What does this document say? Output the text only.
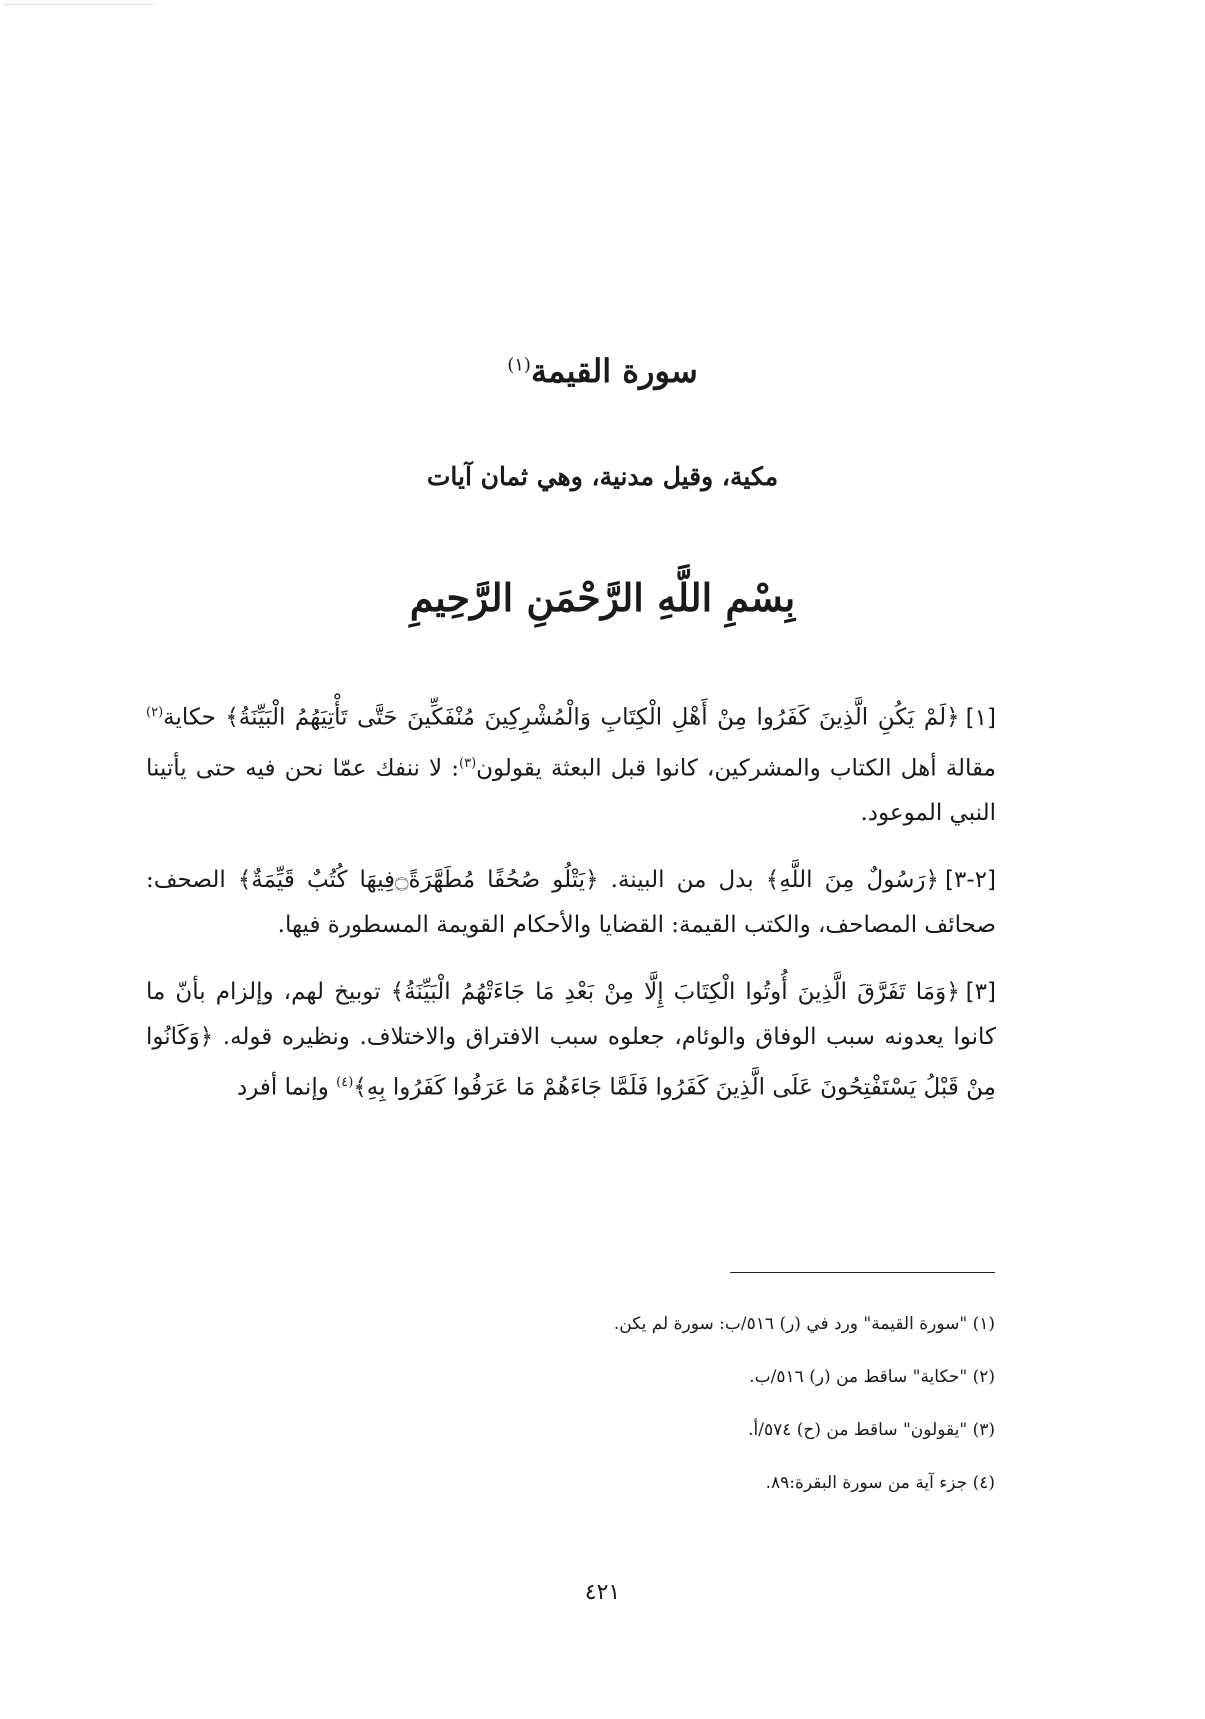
سورة القيمة$^{(١)}$
مكية، وقيل مدنية، وهي ثمان آيات
بِسْمِ اللَّهِ الرَّحْمَنِ الرَّحِيمِ

[١]﴿لَمْ يَكُنِ الَّذِينَ كَفَرُوا مِنْ أَهْلِ الْكِتَابِ وَالْمُشْرِكِينَ مُنْفَكِّينَ حَتَّى تَأْتِيَهُمُ الْبَيِّنَةُ﴾ حكاية$^{(٢)}$ مقالة أهل الكتاب والمشركين، كانوا قبل البعثة يقولون$^{(٣)}$: لا ننفك عمّا نحن فيه حتى يأتينا النبي الموعود.

[٢-٣]﴿رَسُولٌ مِنَ اللَّهِ﴾ بدل من البينة. ﴿يَتْلُو صُحُفًا مُطَهَّرَةً۝فِيهَا كُتُبٌ قَيِّمَةٌ﴾ الصحف: صحائف المصاحف، والكتب القيمة: القضايا والأحكام القويمة المسطورة فيها.

[٣]﴿وَمَا تَفَرَّقَ الَّذِينَ أُوتُوا الْكِتَابَ إِلَّا مِنْ بَعْدِ مَا جَاءَتْهُمُ الْبَيِّنَةُ﴾ توبيخ لهم، وإلزام بأنّ ما كانوا يعدونه سبب الوفاق والوئام، جعلوه سبب الافتراق والاختلاف. ونظيره قوله. ﴿وَكَانُوا مِنْ قَبْلُ يَسْتَفْتِحُونَ عَلَى الَّذِينَ كَفَرُوا فَلَمَّا جَاءَهُمْ مَا عَرَفُوا كَفَرُوا بِهِ﴾$^{(٤)}$ وإنما أفرد

(١) "سورة القيمة" ورد في (ر) ٥١٦/ب: سورة لم يكن.
(٢) "حكاية" ساقط من (ر) ٥١٦/ب.
(٣) "يقولون" ساقط من (ح) ٥٧٤/أ.
(٤) جزء آية من سورة البقرة:٨٩.
٤٢١
